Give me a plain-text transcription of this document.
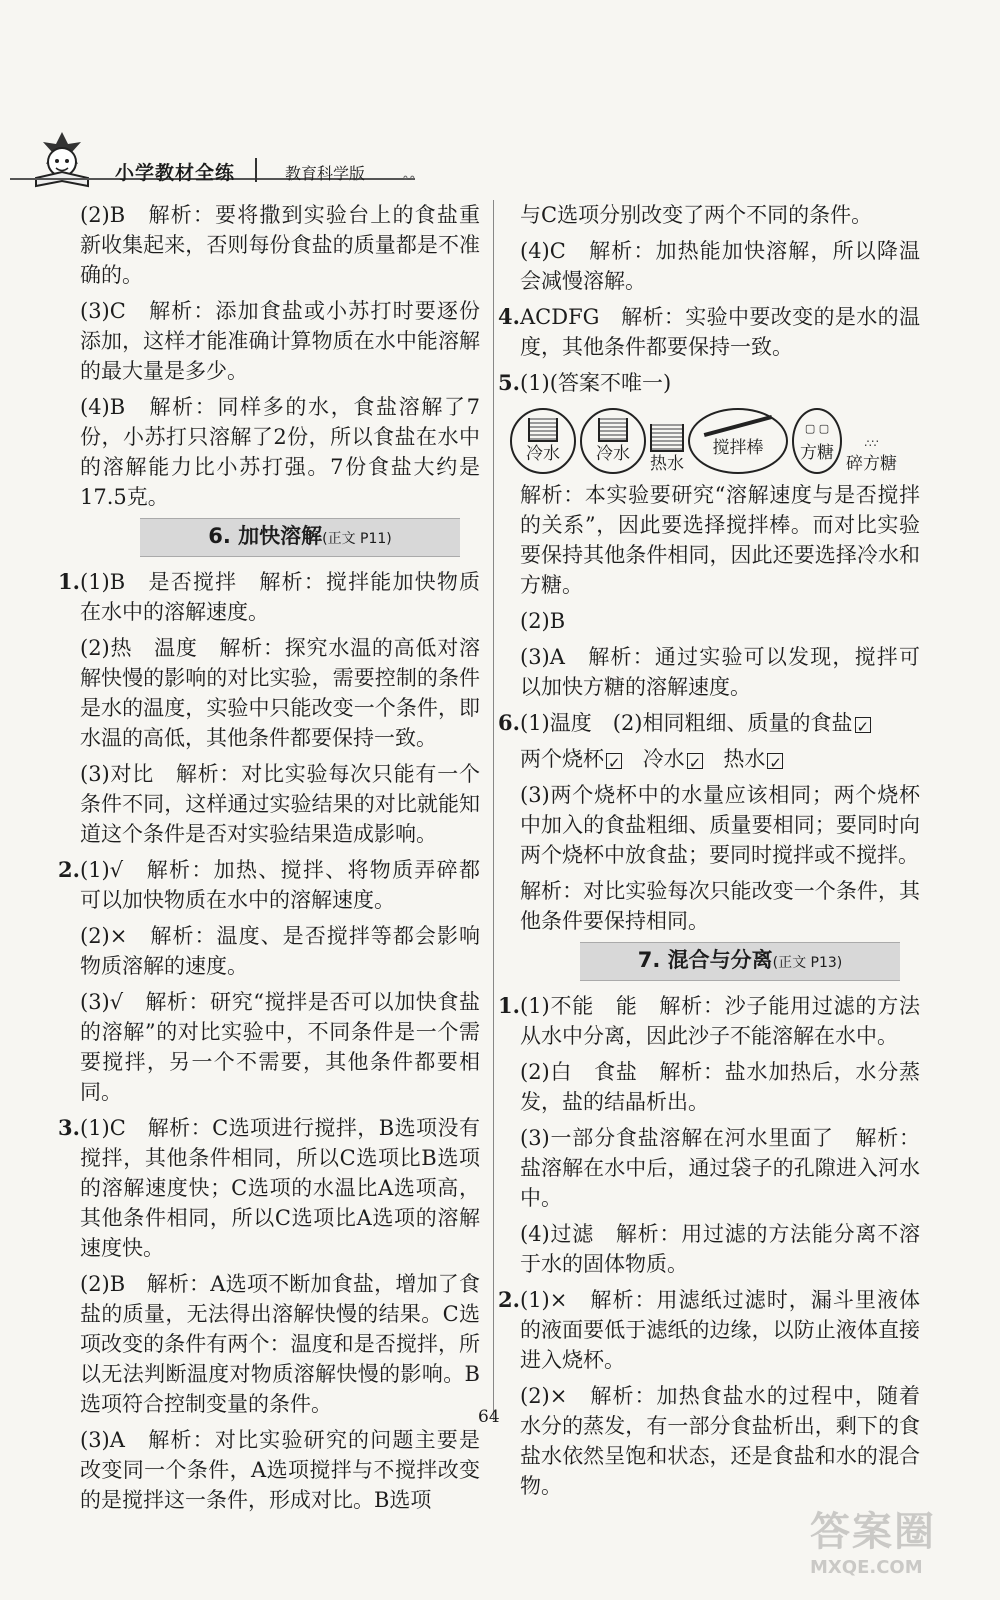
小学教材全练	教育科学版	∘∘

(2)B　解析：要将撒到实验台上的食盐重新收集起来，否则每份食盐的质量都是不准确的。

(3)C　解析：添加食盐或小苏打时要逐份添加，这样才能准确计算物质在水中能溶解的最大量是多少。

(4)B　解析：同样多的水，食盐溶解了7份，小苏打只溶解了2份，所以食盐在水中的溶解能力比小苏打强。7份食盐大约是17.5克。

6. 加快溶解(正文 P11)

1.(1)B　是否搅拌　解析：搅拌能加快物质在水中的溶解速度。

(2)热　温度　解析：探究水温的高低对溶解快慢的影响的对比实验，需要控制的条件是水的温度，实验中只能改变一个条件，即水温的高低，其他条件都要保持一致。

(3)对比　解析：对比实验每次只能有一个条件不同，这样通过实验结果的对比就能知道这个条件是否对实验结果造成影响。

2.(1)√　解析：加热、搅拌、将物质弄碎都可以加快物质在水中的溶解速度。

(2)×　解析：温度、是否搅拌等都会影响物质溶解的速度。

(3)√　解析：研究“搅拌是否可以加快食盐的溶解”的对比实验中，不同条件是一个需要搅拌，另一个不需要，其他条件都要相同。

3.(1)C　解析：C选项进行搅拌，B选项没有搅拌，其他条件相同，所以C选项比B选项的溶解速度快；C选项的水温比A选项高，其他条件相同，所以C选项比A选项的溶解速度快。

(2)B　解析：A选项不断加食盐，增加了食盐的质量，无法得出溶解快慢的结果。C选项改变的条件有两个：温度和是否搅拌，所以无法判断温度对物质溶解快慢的影响。B选项符合控制变量的条件。

(3)A　解析：对比实验研究的问题主要是改变同一个条件，A选项搅拌与不搅拌改变的是搅拌这一条件，形成对比。B选项

与C选项分别改变了两个不同的条件。

(4)C　解析：加热能加快溶解，所以降温会减慢溶解。

4.ACDFG　解析：实验中要改变的是水的温度，其他条件都要保持一致。

5.(1)(答案不唯一)

冷水 冷水 热水
搅拌棒
▢ ▢
方糖	∴∵
碎方糖

解析：本实验要研究“溶解速度与是否搅拌的关系”，因此要选择搅拌棒。而对比实验要保持其他条件相同，因此还要选择冷水和方糖。

(2)B

(3)A　解析：通过实验可以发现，搅拌可以加快方糖的溶解速度。

6.(1)温度　(2)相同粗细、质量的食盐✓

两个烧杯 ✓ 冷水 ✓ 热水✓

(3)两个烧杯中的水量应该相同；两个烧杯中加入的食盐粗细、质量要相同；要同时向两个烧杯中放食盐；要同时搅拌或不搅拌。

解析：对比实验每次只能改变一个条件，其他条件要保持相同。

7. 混合与分离(正文 P13)

1.(1)不能　能　解析：沙子能用过滤的方法从水中分离，因此沙子不能溶解在水中。

(2)白　食盐　解析：盐水加热后，水分蒸发，盐的结晶析出。

(3)一部分食盐溶解在河水里面了　解析：盐溶解在水中后，通过袋子的孔隙进入河水中。

(4)过滤　解析：用过滤的方法能分离不溶于水的固体物质。

2.(1)×　解析：用滤纸过滤时，漏斗里液体的液面要低于滤纸的边缘，以防止液体直接进入烧杯。

(2)×　解析：加热食盐水的过程中，随着水分的蒸发，有一部分食盐析出，剩下的食盐水依然呈饱和状态，还是食盐和水的混合物。

64
答案圈
MXQE.COM
